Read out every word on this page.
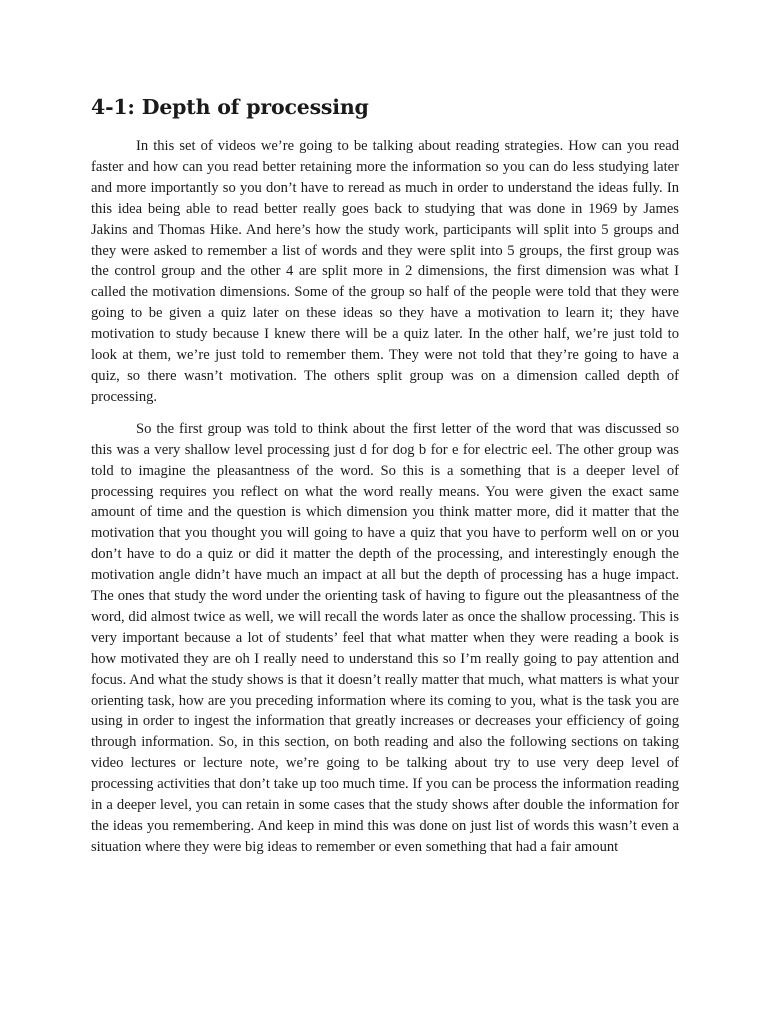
4-1: Depth of processing

In this set of videos we’re going to be talking about reading strategies. How can you read faster and how can you read better retaining more the information so you can do less studying later and more importantly so you don’t have to reread as much in order to understand the ideas fully. In this idea being able to read better really goes back to studying that was done in 1969 by James Jakins and Thomas Hike. And here’s how the study work, participants will split into 5 groups and they were asked to remember a list of words and they were split into 5 groups, the first group was the control group and the other 4 are split more in 2 dimensions, the first dimension was what I called the motivation dimensions. Some of the group so half of the people were told that they were going to be given a quiz later on these ideas so they have a motivation to learn it; they have motivation to study because I knew there will be a quiz later. In the other half, we’re just told to look at them, we’re just told to remember them. They were not told that they’re going to have a quiz, so there wasn’t motivation. The others split group was on a dimension called depth of processing.

So the first group was told to think about the first letter of the word that was discussed so this was a very shallow level processing just d for dog b for e for electric eel. The other group was told to imagine the pleasantness of the word. So this is a something that is a deeper level of processing requires you reflect on what the word really means. You were given the exact same amount of time and the question is which dimension you think matter more, did it matter that the motivation that you thought you will going to have a quiz that you have to perform well on or you don’t have to do a quiz or did it matter the depth of the processing, and interestingly enough the motivation angle didn’t have much an impact at all but the depth of processing has a huge impact. The ones that study the word under the orienting task of having to figure out the pleasantness of the word, did almost twice as well, we will recall the words later as once the shallow processing. This is very important because a lot of students’ feel that what matter when they were reading a book is how motivated they are oh I really need to understand this so I’m really going to pay attention and focus. And what the study shows is that it doesn’t really matter that much, what matters is what your orienting task, how are you preceding information where its coming to you, what is the task you are using in order to ingest the information that greatly increases or decreases your efficiency of going through information. So, in this section, on both reading and also the following sections on taking video lectures or lecture note, we’re going to be talking about try to use very deep level of processing activities that don’t take up too much time. If you can be process the information reading in a deeper level, you can retain in some cases that the study shows after double the information for the ideas you remembering. And keep in mind this was done on just list of words this wasn’t even a situation where they were big ideas to remember or even something that had a fair amount
